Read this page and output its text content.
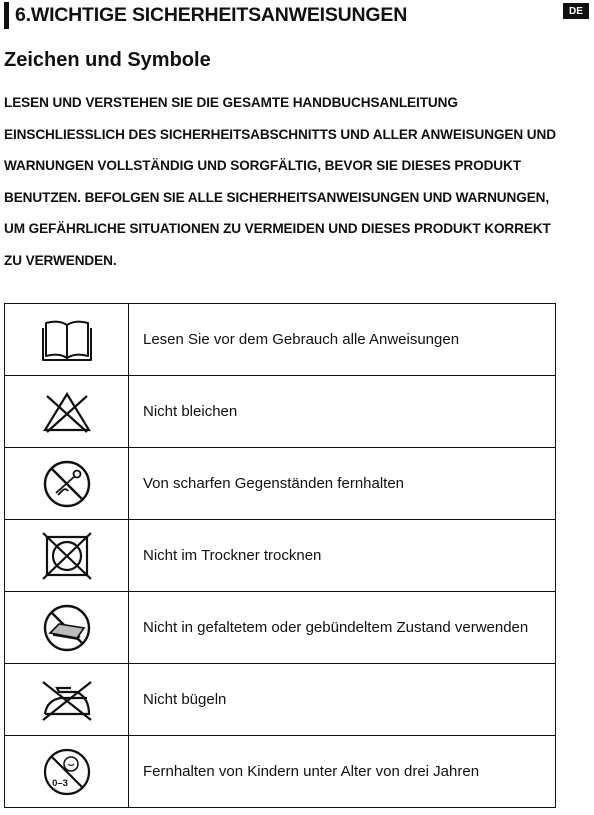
DE
6.WICHTIGE SICHERHEITSANWEISUNGEN
Zeichen und Symbole
LESEN UND VERSTEHEN SIE DIE GESAMTE HANDBUCHSANLEITUNG EINSCHLIESSLICH DES SICHERHEITSABSCHNITTS UND ALLER ANWEISUNGEN UND WARNUNGEN VOLLSTÄNDIG UND SORGFÄLTIG, BEVOR SIE DIESES PRODUKT BENUTZEN. BEFOLGEN SIE ALLE SICHERHEITSANWEISUNGEN UND WARNUNGEN, UM GEFÄHRLICHE SITUATIONEN ZU VERMEIDEN UND DIESES PRODUKT KORREKT ZU VERWENDEN.
	Lesen Sie vor dem Gebrauch alle Anweisungen

	Nicht bleichen

	Von scharfen Gegenständen fernhalten

	Nicht im Trockner trocknen

	Nicht in gefaltetem oder gebündeltem Zustand verwenden

	Nicht bügeln

0–3	Fernhalten von Kindern unter Alter von drei Jahren
